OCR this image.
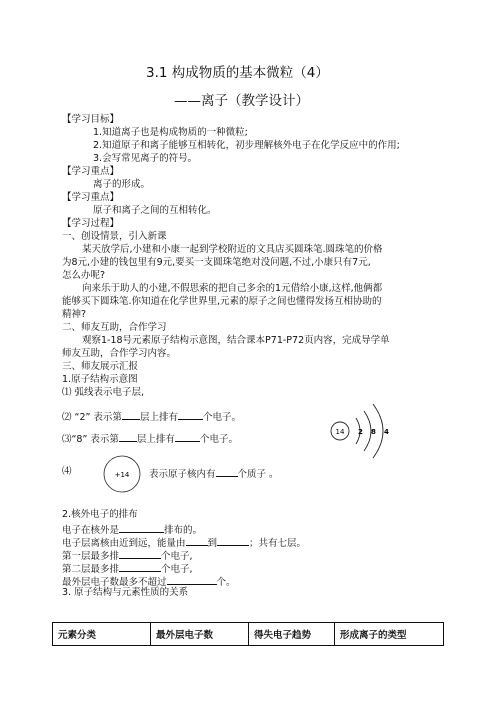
3.1 构成物质的基本微粒（4）
——离子（教学设计）
【学习目标】
1.知道离子也是构成物质的一种微粒;
2.知道原子和离子能够互相转化，初步理解核外电子在化学反应中的作用;
3.会写常见离子的符号。
【学习重点】
离子的形成。
【学习重点】
原子和离子之间的互相转化。
【学习过程】
一、创设情景，引入新课
某天放学后,小建和小康一起到学校附近的文具店买圆珠笔.圆珠笔的价格
为8元,小建的钱包里有9元,要买一支圆珠笔绝对没问题,不过,小康只有7元,
怎么办呢?
向来乐于助人的小建,不假思索的把自己多余的1元借给小康,这样,他俩都
能够买下圆珠笔.你知道在化学世界里,元素的原子之间也懂得发扬互相协助的
精神?
二、师友互助，合作学习
观察1-18号元素原子结构示意图，结合课本P71-P72页内容，完成导学单
师友互助，合作学习内容。
三、师友展示汇报
1.原子结构示意图
⑴ 弧线表示电子层,
⑵ “2” 表示第 层上排有	个电子。
⑶“8” 表示第 层上排有	个电子。
⑷	表示原子核内有 个质子 。
+14
14 2 8 4
2.核外电子的排布
电子在核外是	排布的。
电子层离核由近到远，能量由 到	；共有七层。
第一层最多排	个电子,
第二层最多排	个电子,
最外层电子数最多不超过	个。
3. 原子结构与元素性质的关系
元素分类	最外层电子数	得失电子趋势	形成离子的类型
